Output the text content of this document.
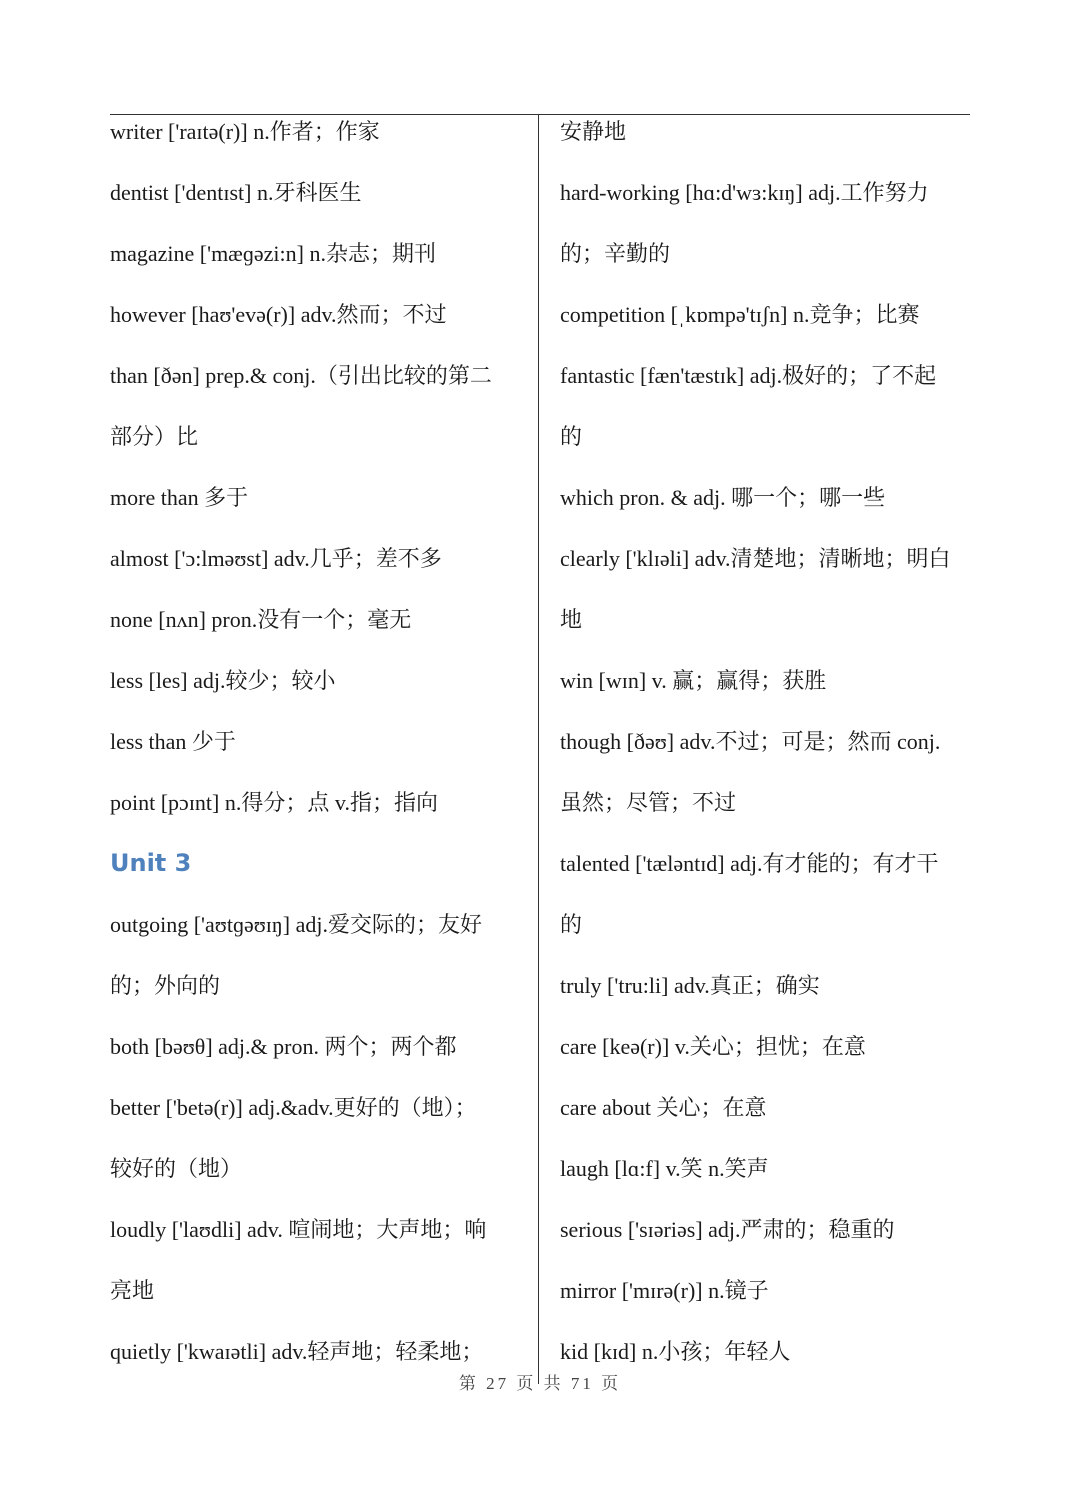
writer ['raɪtə(r)] n.作者；作家
dentist ['dentɪst] n.牙科医生
magazine ['mæɡəzi:n] n.杂志；期刊
however [haʊ'evə(r)] adv.然而；不过
than [ðən] prep.& conj.（引出比较的第二
部分）比
more than 多于
almost ['ɔ:lməʊst] adv.几乎；差不多
none [nʌn] pron.没有一个；毫无
less [les] adj.较少；较小
less than 少于
point [pɔɪnt] n.得分；点 v.指；指向
Unit 3
outgoing ['aʊtɡəʊɪŋ] adj.爱交际的；友好
的；外向的
both [bəʊθ] adj.& pron. 两个；两个都
better ['betə(r)] adj.&adv.更好的（地）；
较好的（地）
loudly ['laʊdli] adv. 喧闹地；大声地；响
亮地
quietly ['kwaɪətli] adv.轻声地；轻柔地；
安静地
hard-working [hɑ:d'wɜ:kɪŋ] adj.工作努力
的；辛勤的
competition [ˌkɒmpə'tɪʃn] n.竞争；比赛
fantastic [fæn'tæstɪk] adj.极好的；了不起
的
which pron. & adj. 哪一个；哪一些
clearly ['klɪəli] adv.清楚地；清晰地；明白
地
win [wɪn] v. 赢；赢得；获胜
though [ðəʊ] adv.不过；可是；然而 conj.
虽然；尽管；不过
talented ['tæləntɪd] adj.有才能的；有才干
的
truly ['tru:li] adv.真正；确实
care [keə(r)] v.关心；担忧；在意
care about 关心；在意
laugh [lɑ:f] v.笑 n.笑声
serious ['sɪəriəs] adj.严肃的；稳重的
mirror ['mɪrə(r)] n.镜子
kid [kɪd] n.小孩；年轻人
第 27 页 共 71 页
